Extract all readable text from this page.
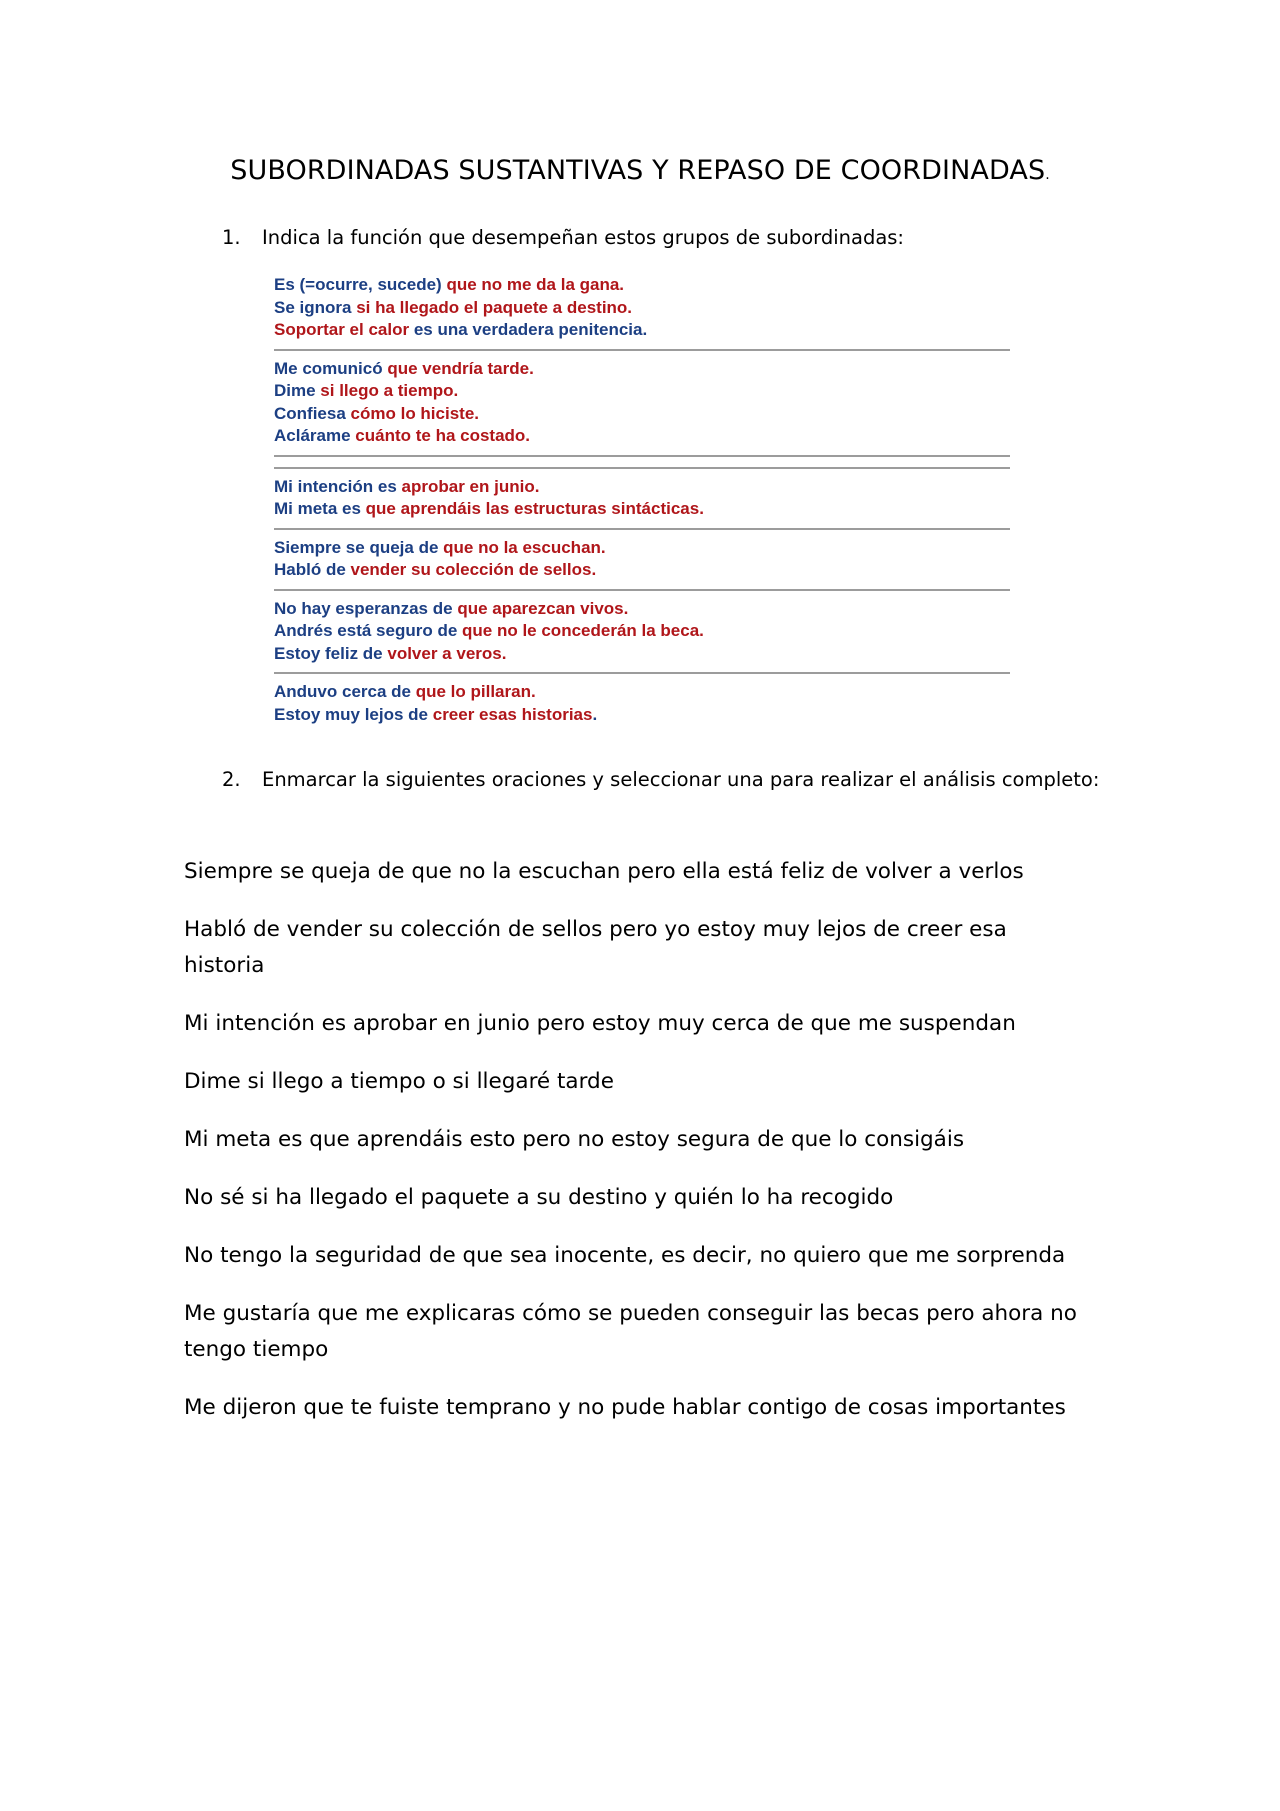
SUBORDINADAS SUSTANTIVAS Y REPASO DE COORDINADAS.
1. Indica la función que desempeñan estos grupos de subordinadas:
Es (=ocurre, sucede) que no me da la gana.
Se ignora si ha llegado el paquete a destino.
Soportar el calor es una verdadera penitencia.
Me comunicó que vendría tarde.
Dime si llego a tiempo.
Confiesa cómo lo hiciste.
Aclárame cuánto te ha costado.
Mi intención es aprobar en junio.
Mi meta es que aprendáis las estructuras sintácticas.
Siempre se queja de que no la escuchan.
Habló de vender su colección de sellos.
No hay esperanzas de que aparezcan vivos.
Andrés está seguro de que no le concederán la beca.
Estoy feliz de volver a veros.
Anduvo cerca de que lo pillaran.
Estoy muy lejos de creer esas historias.
2. Enmarcar la siguientes oraciones y seleccionar una para realizar el análisis completo:
Siempre se queja de que no la escuchan pero ella está feliz de volver a verlos
Habló de vender su colección de sellos pero yo estoy muy lejos de creer esa historia
Mi intención es aprobar en junio pero estoy muy cerca de que me suspendan
Dime si llego a tiempo o si llegaré tarde
Mi meta es que aprendáis esto pero no estoy segura de que lo consigáis
No sé si ha llegado el paquete a su destino y quién lo ha recogido
No tengo la seguridad de que sea inocente, es decir, no quiero que me sorprenda
Me gustaría que me explicaras cómo se pueden conseguir las becas pero ahora no tengo tiempo
Me dijeron que te fuiste temprano y no pude hablar contigo de cosas importantes
